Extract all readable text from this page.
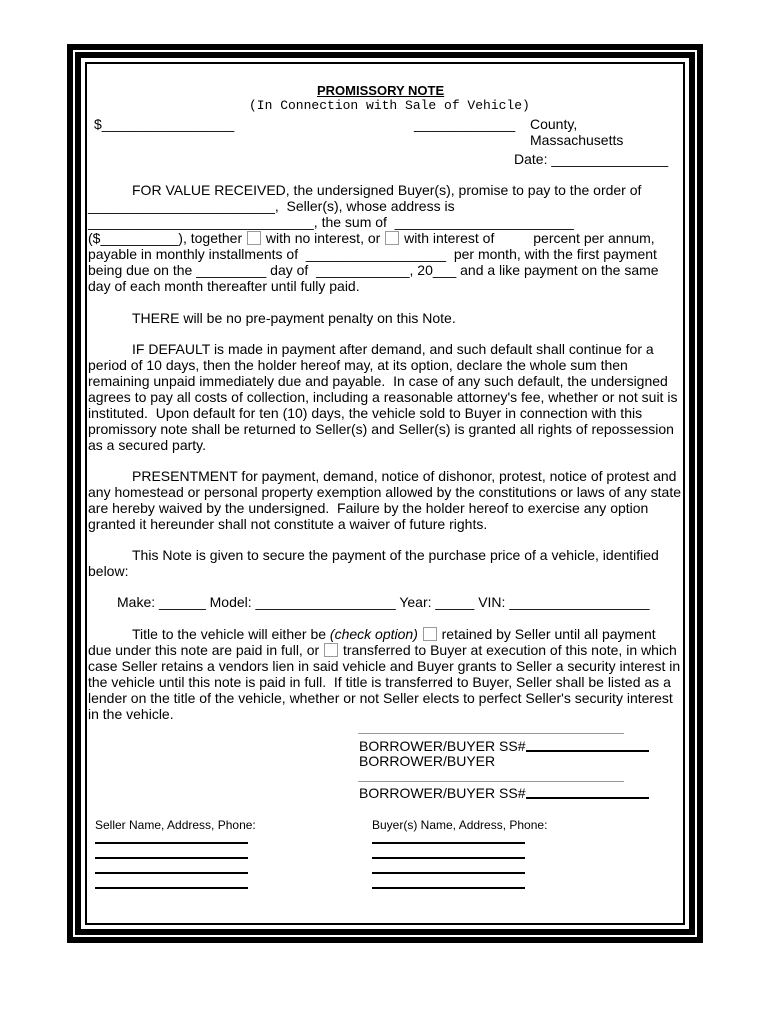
PROMISSORY NOTE
(In Connection with Sale of Vehicle)
$_________________	_____________ County,
Massachusetts
Date: _______________
FOR VALUE RECEIVED, the undersigned Buyer(s), promise to pay to the order of
________________________,  Seller(s), whose address is
_____________________________, the sum of  _______________________
($__________), together with no interest, or with interest of	percent per annum,
payable in monthly installments of  __________________  per month, with the first payment
being due on the _________ day of  ____________, 20___ and a like payment on the same
day of each month thereafter until fully paid.
THERE will be no pre-payment penalty on this Note.
IF DEFAULT is made in payment after demand, and such default shall continue for a
period of 10 days, then the holder hereof may, at its option, declare the whole sum then
remaining unpaid immediately due and payable.  In case of any such default, the undersigned
agrees to pay all costs of collection, including a reasonable attorney's fee, whether or not suit is
instituted.  Upon default for ten (10) days, the vehicle sold to Buyer in connection with this
promissory note shall be returned to Seller(s) and Seller(s) is granted all rights of repossession
as a secured party.
PRESENTMENT for payment, demand, notice of dishonor, protest, notice of protest and
any homestead or personal property exemption allowed by the constitutions or laws of any state
are hereby waived by the undersigned.  Failure by the holder hereof to exercise any option
granted it hereunder shall not constitute a waiver of future rights.
This Note is given to secure the payment of the purchase price of a vehicle, identified
below:
Make: ______ Model: __________________ Year: _____ VIN: __________________
Title to the vehicle will either be (check option) retained by Seller until all payment
due under this note are paid in full, or transferred to Buyer at execution of this note, in which
case Seller retains a vendors lien in said vehicle and Buyer grants to Seller a security interest in
the vehicle until this note is paid in full.  If title is transferred to Buyer, Seller shall be listed as a
lender on the title of the vehicle, whether or not Seller elects to perfect Seller's security interest
in the vehicle.
BORROWER/BUYER SS#
BORROWER/BUYER
BORROWER/BUYER SS#
Seller Name, Address, Phone:	Buyer(s) Name, Address, Phone:
